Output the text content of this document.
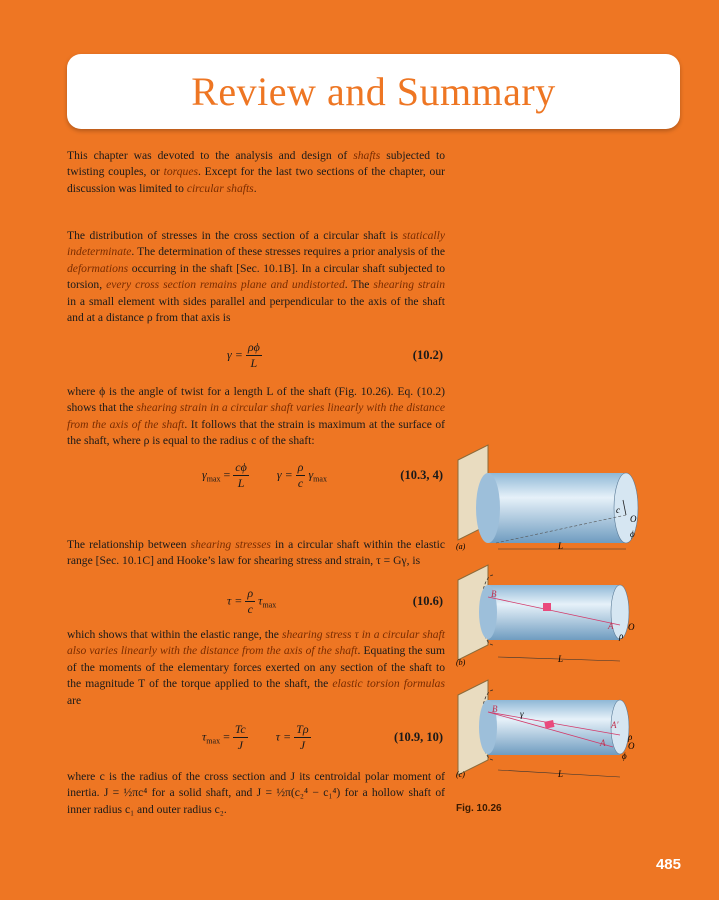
Review and Summary

This chapter was devoted to the analysis and design of shafts subjected to twisting couples, or torques. Except for the last two sections of the chapter, our discussion was limited to circular shafts.

The distribution of stresses in the cross section of a circular shaft is statically indeterminate. The determination of these stresses requires a prior analysis of the deformations occurring in the shaft [Sec. 10.1B]. In a circular shaft subjected to torsion, every cross section remains plane and undistorted. The shearing strain in a small element with sides parallel and perpendicular to the axis of the shaft and at a distance ρ from that axis is

$\gamma = \frac{\rho\phi}{L}$	(10.2)

where ϕ is the angle of twist for a length L of the shaft (Fig. 10.26). Eq. (10.2) shows that the shearing strain in a circular shaft varies linearly with the distance from the axis of the shaft. It follows that the strain is maximum at the surface of the shaft, where ρ is equal to the radius c of the shaft:

$\gamma_{max} = \frac{c\phi}{L}$ $\gamma = \frac{\rho}{c} \gamma_{max}$	(10.3, 4)

The relationship between shearing stresses in a circular shaft within the elastic range [Sec. 10.1C] and Hooke’s law for shearing stress and strain, τ = Gγ, is

$\tau = \frac{\rho}{c} \tau_{max}$	(10.6)

which shows that within the elastic range, the shearing stress τ in a circular shaft also varies linearly with the distance from the axis of the shaft. Equating the sum of the moments of the elementary forces exerted on any section of the shaft to the magnitude T of the torque applied to the shaft, the elastic torsion formulas are

$\tau_{max} = \frac{Tc}{J}$ $\tau = \frac{T\rho}{J}$	(10.9, 10)

where c is the radius of the cross section and J its centroidal polar moment of inertia. J = ½πc⁴ for a solid shaft, and J = ½π(c₂⁴ − c₁⁴) for a hollow shaft of inner radius c₁ and outer radius c₂.

c
O
ϕ
L
(a)
B
A O
ρ
L
(b)
B	γ
A′
A
ρ
O
ϕ
L
(c)
Fig. 10.26
485
